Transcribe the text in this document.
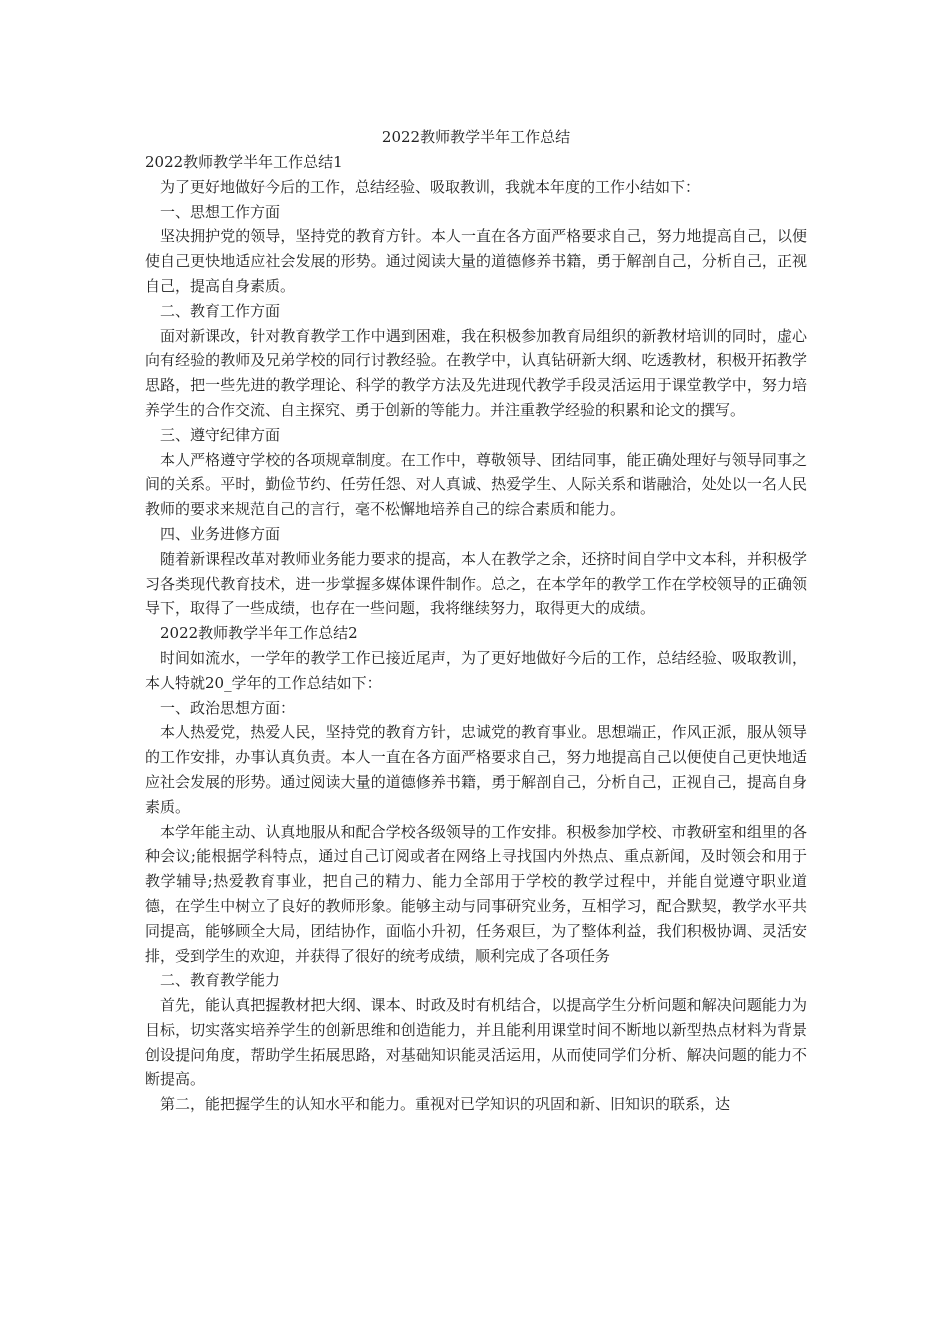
2022教师教学半年工作总结
2022教师教学半年工作总结1

为了更好地做好今后的工作，总结经验、吸取教训，我就本年度的工作小结如下：

一、思想工作方面

坚决拥护党的领导，坚持党的教育方针。本人一直在各方面严格要求自己，努力地提高自己，以便使自己更快地适应社会发展的形势。通过阅读大量的道德修养书籍，勇于解剖自己，分析自己，正视自己，提高自身素质。

二、教育工作方面

面对新课改，针对教育教学工作中遇到困难，我在积极参加教育局组织的新教材培训的同时，虚心向有经验的教师及兄弟学校的同行讨教经验。在教学中，认真钻研新大纲、吃透教材，积极开拓教学思路，把一些先进的教学理论、科学的教学方法及先进现代教学手段灵活运用于课堂教学中，努力培养学生的合作交流、自主探究、勇于创新的等能力。并注重教学经验的积累和论文的撰写。

三、遵守纪律方面

本人严格遵守学校的各项规章制度。在工作中，尊敬领导、团结同事，能正确处理好与领导同事之间的关系。平时，勤俭节约、任劳任怨、对人真诚、热爱学生、人际关系和谐融洽，处处以一名人民教师的要求来规范自己的言行，毫不松懈地培养自己的综合素质和能力。

四、业务进修方面

随着新课程改革对教师业务能力要求的提高，本人在教学之余，还挤时间自学中文本科，并积极学习各类现代教育技术，进一步掌握多媒体课件制作。总之，在本学年的教学工作在学校领导的正确领导下，取得了一些成绩，也存在一些问题，我将继续努力，取得更大的成绩。

2022教师教学半年工作总结2

时间如流水，一学年的教学工作已接近尾声，为了更好地做好今后的工作，总结经验、吸取教训，本人特就20_学年的工作总结如下：

一、政治思想方面：

本人热爱党，热爱人民，坚持党的教育方针，忠诚党的教育事业。思想端正，作风正派，服从领导的工作安排，办事认真负责。本人一直在各方面严格要求自己，努力地提高自己以便使自己更快地适应社会发展的形势。通过阅读大量的道德修养书籍，勇于解剖自己，分析自己，正视自己，提高自身素质。

本学年能主动、认真地服从和配合学校各级领导的工作安排。积极参加学校、市教研室和组里的各种会议;能根据学科特点，通过自己订阅或者在网络上寻找国内外热点、重点新闻，及时领会和用于教学辅导;热爱教育事业，把自己的精力、能力全部用于学校的教学过程中，并能自觉遵守职业道德，在学生中树立了良好的教师形象。能够主动与同事研究业务，互相学习，配合默契，教学水平共同提高，能够顾全大局，团结协作，面临小升初，任务艰巨，为了整体利益，我们积极协调、灵活安排，受到学生的欢迎，并获得了很好的统考成绩，顺利完成了各项任务

二、教育教学能力

首先，能认真把握教材把大纲、课本、时政及时有机结合，以提高学生分析问题和解决问题能力为目标，切实落实培养学生的创新思维和创造能力，并且能利用课堂时间不断地以新型热点材料为背景创设提问角度，帮助学生拓展思路，对基础知识能灵活运用，从而使同学们分析、解决问题的能力不断提高。

第二，能把握学生的认知水平和能力。重视对已学知识的巩固和新、旧知识的联系，达
